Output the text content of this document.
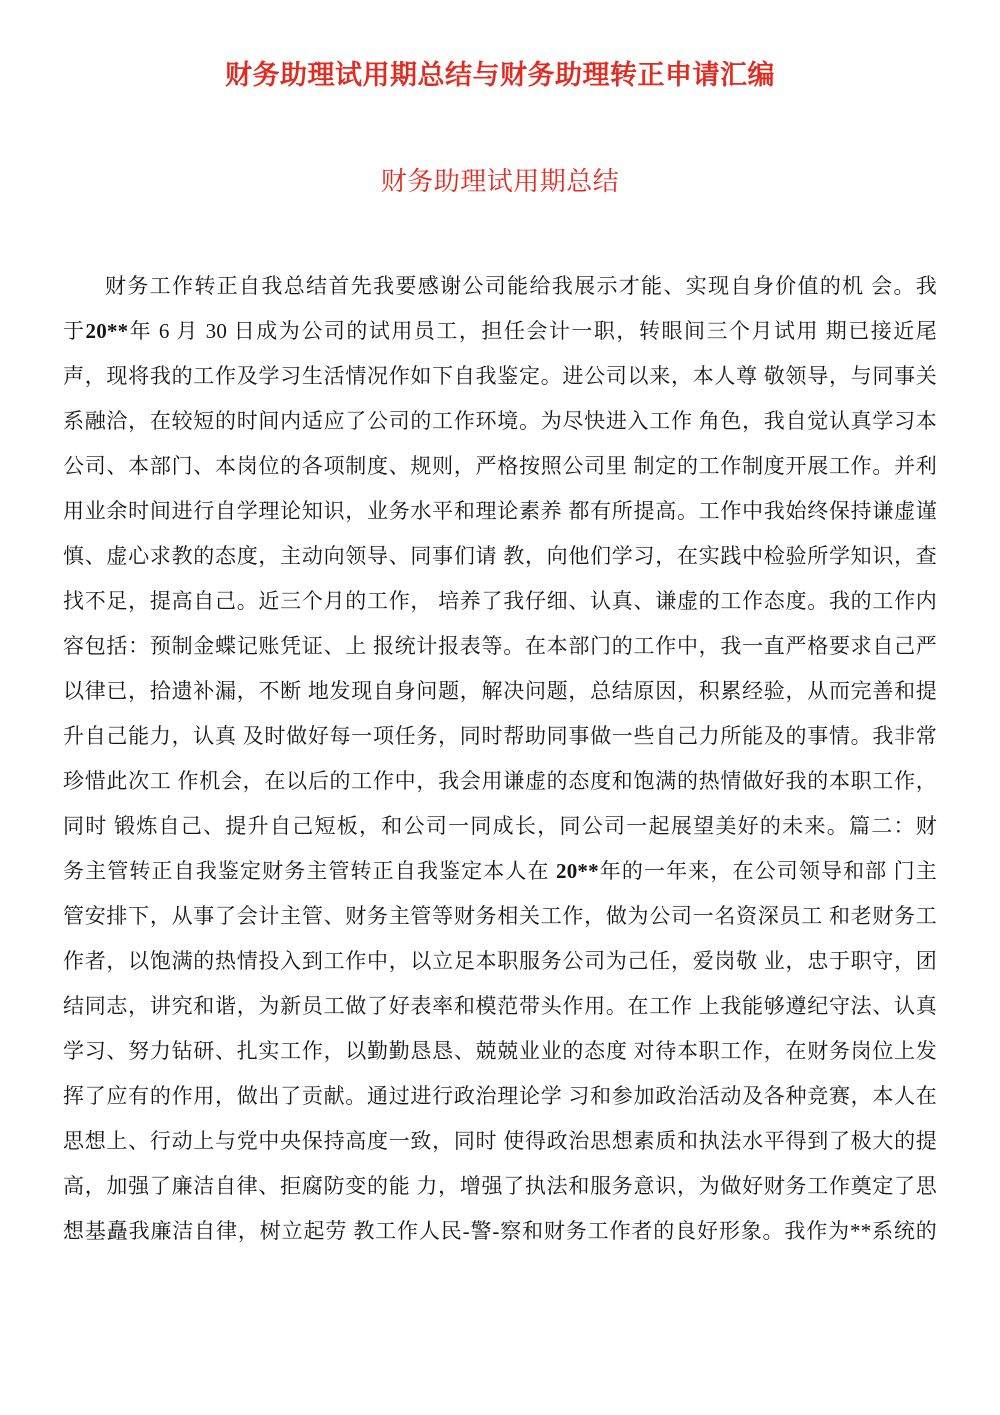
财务助理试用期总结与财务助理转正申请汇编
财务助理试用期总结
财务工作转正自我总结首先我要感谢公司能给我展示才能、实现自身价值的机 会。我
于20**年 6 月 30 日成为公司的试用员工，担任会计一职，转眼间三个月试用 期已接近尾
声，现将我的工作及学习生活情况作如下自我鉴定。进公司以来，本人尊 敬领导，与同事关
系融洽，在较短的时间内适应了公司的工作环境。为尽快进入工作 角色，我自觉认真学习本
公司、本部门、本岗位的各项制度、规则，严格按照公司里 制定的工作制度开展工作。并利
用业余时间进行自学理论知识，业务水平和理论素养 都有所提高。工作中我始终保持谦虚谨
慎、虚心求教的态度，主动向领导、同事们请 教，向他们学习，在实践中检验所学知识，查
找不足，提高自己。近三个月的工作， 培养了我仔细、认真、谦虚的工作态度。我的工作内
容包括：预制金蝶记账凭证、上 报统计报表等。在本部门的工作中，我一直严格要求自己严
以律已，拾遗补漏，不断 地发现自身问题，解决问题，总结原因，积累经验，从而完善和提
升自己能力，认真 及时做好每一项任务，同时帮助同事做一些自己力所能及的事情。我非常
珍惜此次工 作机会，在以后的工作中，我会用谦虚的态度和饱满的热情做好我的本职工作，
同时 锻炼自己、提升自己短板，和公司一同成长，同公司一起展望美好的未来。篇二：财
务主管转正自我鉴定财务主管转正自我鉴定本人在 20**年的一年来，在公司领导和部 门主
管安排下，从事了会计主管、财务主管等财务相关工作，做为公司一名资深员工 和老财务工
作者，以饱满的热情投入到工作中，以立足本职服务公司为己任，爱岗敬 业，忠于职守，团
结同志，讲究和谐，为新员工做了好表率和模范带头作用。在工作 上我能够遵纪守法、认真
学习、努力钻研、扎实工作，以勤勤恳恳、兢兢业业的态度 对待本职工作，在财务岗位上发
挥了应有的作用，做出了贡献。通过进行政治理论学 习和参加政治活动及各种竞赛，本人在
思想上、行动上与党中央保持高度一致，同时 使得政治思想素质和执法水平得到了极大的提
高，加强了廉洁自律、拒腐防变的能 力，增强了执法和服务意识，为做好财务工作奠定了思
想基矗我廉洁自律，树立起劳 教工作人民-警-察和财务工作者的良好形象。我作为**系统的
